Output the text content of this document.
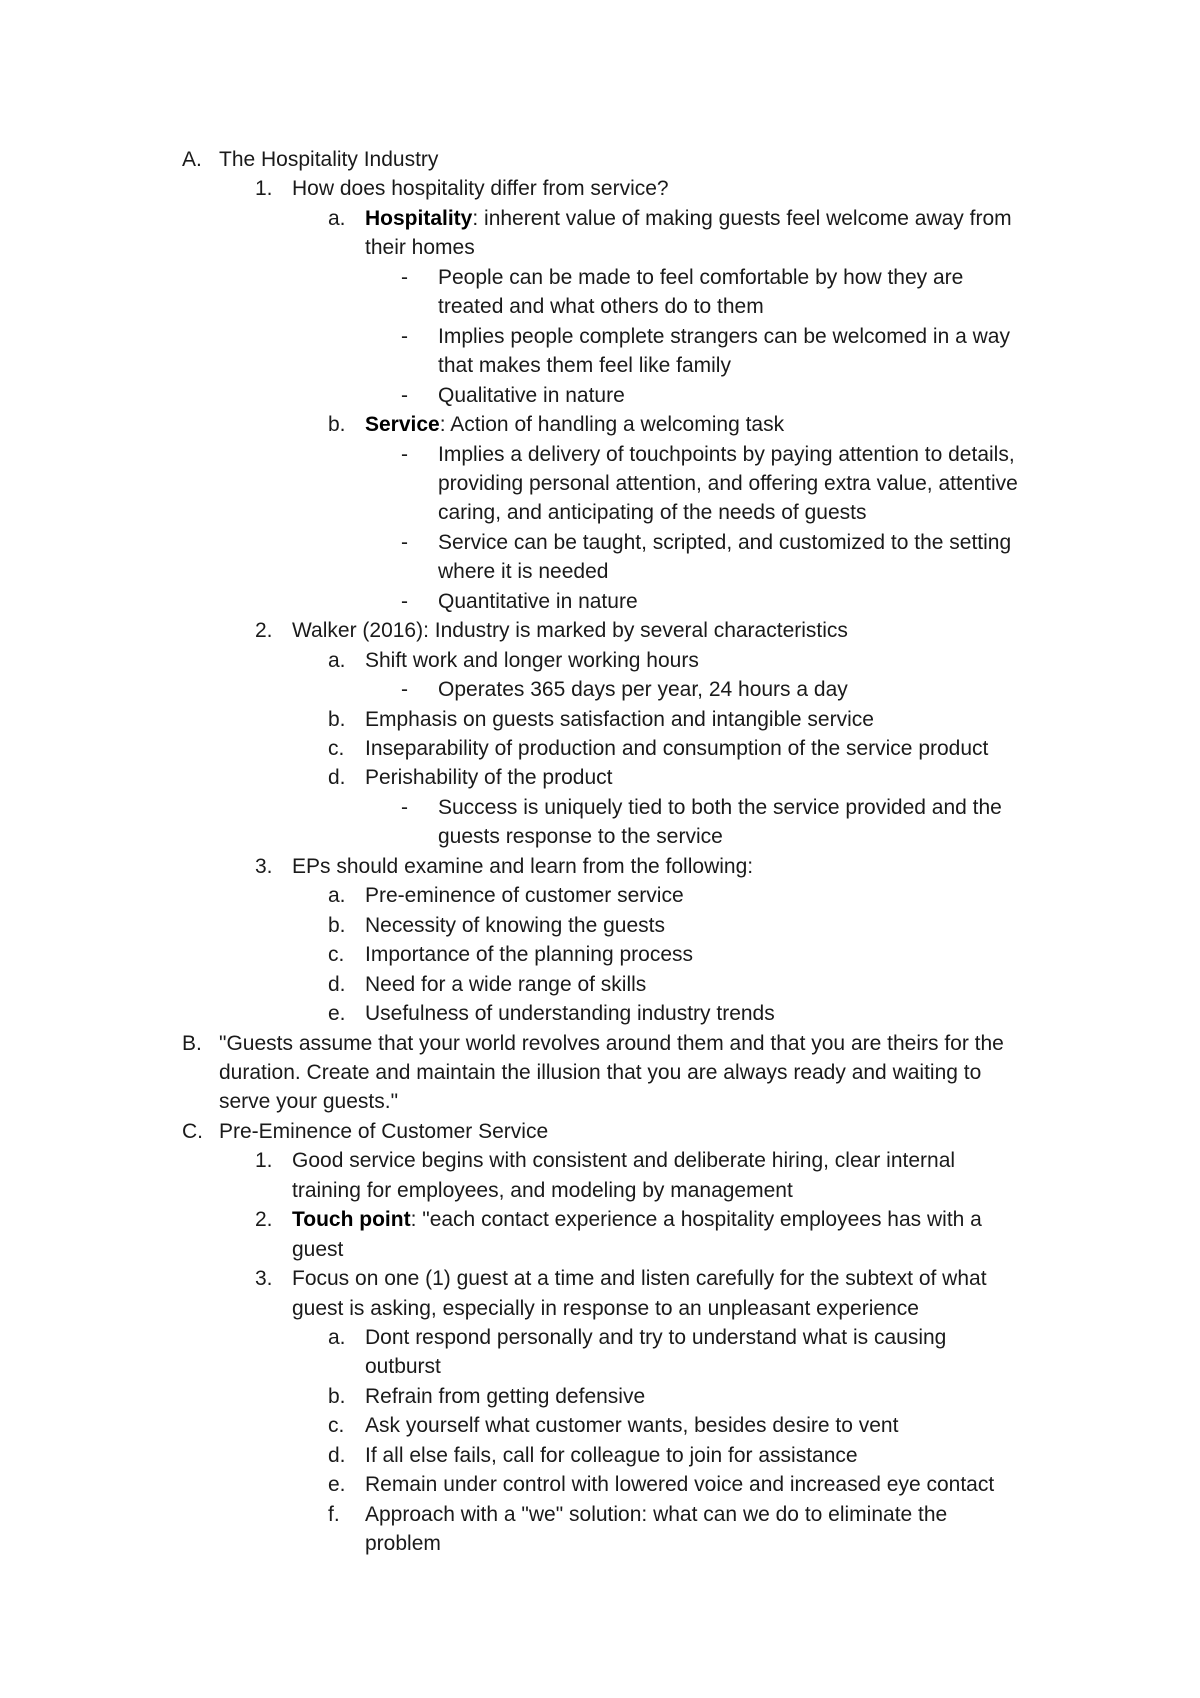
A. The Hospitality Industry
1. How does hospitality differ from service?
a. Hospitality: inherent value of making guests feel welcome away from
their homes
- People can be made to feel comfortable by how they are
treated and what others do to them
- Implies people complete strangers can be welcomed in a way
that makes them feel like family
- Qualitative in nature
b. Service: Action of handling a welcoming task
- Implies a delivery of touchpoints by paying attention to details,
providing personal attention, and offering extra value, attentive
caring, and anticipating of the needs of guests
- Service can be taught, scripted, and customized to the setting
where it is needed
- Quantitative in nature
2. Walker (2016): Industry is marked by several characteristics
a. Shift work and longer working hours
- Operates 365 days per year, 24 hours a day
b. Emphasis on guests satisfaction and intangible service
c. Inseparability of production and consumption of the service product
d. Perishability of the product
- Success is uniquely tied to both the service provided and the
guests response to the service
3. EPs should examine and learn from the following:
a. Pre-eminence of customer service
b. Necessity of knowing the guests
c. Importance of the planning process
d. Need for a wide range of skills
e. Usefulness of understanding industry trends
B. "Guests assume that your world revolves around them and that you are theirs for the
duration. Create and maintain the illusion that you are always ready and waiting to
serve your guests."
C. Pre-Eminence of Customer Service
1. Good service begins with consistent and deliberate hiring, clear internal
training for employees, and modeling by management
2. Touch point: "each contact experience a hospitality employees has with a
guest
3. Focus on one (1) guest at a time and listen carefully for the subtext of what
guest is asking, especially in response to an unpleasant experience
a. Dont respond personally and try to understand what is causing
outburst
b. Refrain from getting defensive
c. Ask yourself what customer wants, besides desire to vent
d. If all else fails, call for colleague to join for assistance
e. Remain under control with lowered voice and increased eye contact
f. Approach with a "we" solution: what can we do to eliminate the
problem
